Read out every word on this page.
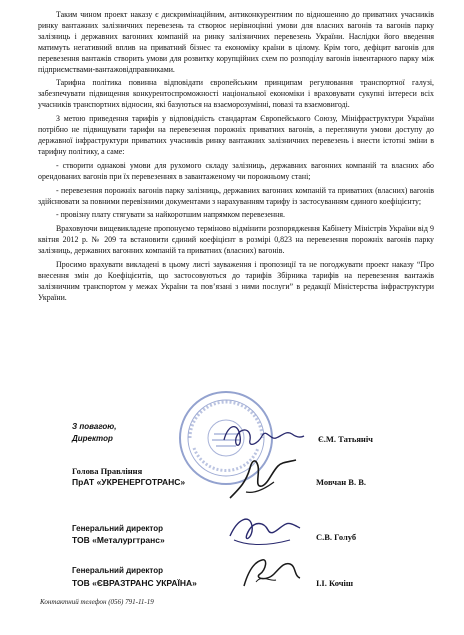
Таким чином проект наказу є дискримінаційним, антиконкурентним по відношенню до приватних учасників ринку вантажних залізничних перевезень та створює нерівноцінні умови для власних вагонів та вагонів парку залізниць і державних вагонних компаній на ринку залізничних перевезень України. Наслідки його введення матимуть негативний вплив на приватний бізнес та економіку країни в цілому. Крім того, дефіцит вагонів для перевезення вантажів створить умови для розвитку корупційних схем по розподілу вагонів інвентарного парку між підприємствами-вантажовідправниками.

Тарифна політика повинна відповідати європейським принципам регулювання транспортної галузі, забезпечувати підвищення конкурентоспроможності національної економіки і враховувати сукупні інтереси всіх учасників транспортних відносин, які базуються на взаєморозумінні, повазі та взаємовигоді.

З метою приведення тарифів у відповідність стандартам Європейського Союзу, Мініфраструктури України потрібно не підвищувати тарифи на перевезення порожніх приватних вагонів, а переглянути умови доступу до державної інфраструктури приватних учасників ринку вантажних залізничних перевезень і внести істотні зміни в тарифну політику, а саме:

- створити однакові умови для рухомого складу залізниць, державних вагонних компаній та власних або орендованих вагонів при їх перевезеннях в завантаженому чи порожньому стані;

- перевезення порожніх вагонів парку залізниць, державних вагонних компаній та приватних (власних) вагонів здійснювати за повними перевізними документами з нарахуванням тарифу із застосуванням єдиного коефіцієнту;

- провізну плату стягувати за найкоротшим напрямком перевезення.

Враховуючи вищевикладене пропонуємо терміново відмінити розпорядження Кабінету Міністрів України від 9 квітня 2012 р. № 209 та встановити єдиний коефіцієнт в розмірі 0,823 на перевезення порожніх вагонів парку залізниць, державних вагонних компаній та приватних (власних) вагонів.

Просимо врахувати викладені в цьому листі зауваження і пропозиції та не погоджувати проект наказу “Про внесення змін до Коефіцієнтів, що застосовуються до тарифів Збірника тарифів на перевезення вантажів залізничним транспортом у межах України та пов’язані з ними послуги” в редакції Міністерства інфраструктури України.

З повагою,
Директор	Є.М. Татьяніч
Голова Правління
ПрАТ «УКРЕНЕРГОТРАНС»	Мовчан В. В.
Генеральний директор
ТОВ «Металургтранс»	С.В. Голуб
Генеральний директор
ТОВ «ЄВРАЗТРАНС УКРАЇНА»	І.І. Кочіш
Контактний телефон (056) 791-11-19
